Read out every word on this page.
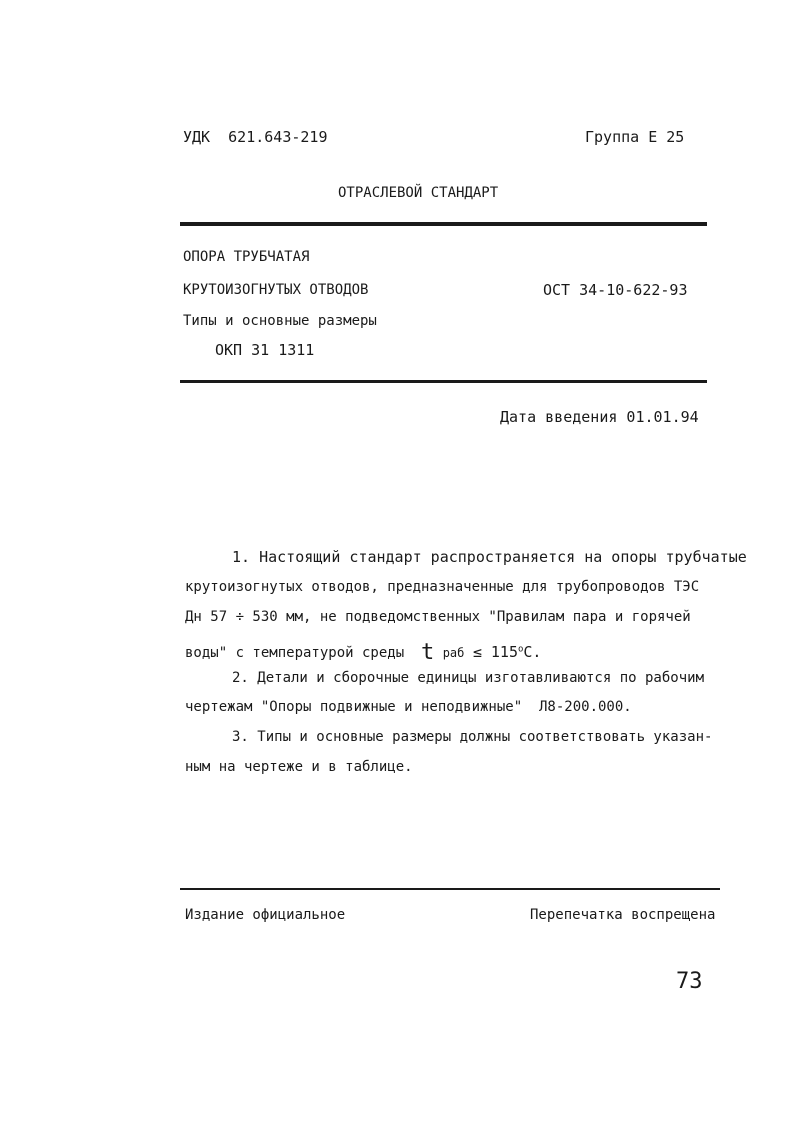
УДК  621.643-219	Группа Е 25
ОТРАСЛЕВОЙ СТАНДАРТ
ОПОРА ТРУБЧАТАЯ
КРУТОИЗОГНУТЫХ ОТВОДОВ
Типы и основные размеры
ОКП 31 1311
ОСТ 34-10-622-93
Дата введения 01.01.94
1. Настоящий стандарт распространяется на опоры трубчатые
крутоизогнутых отводов, предназначенные для трубопроводов ТЭС
Дн 57 ÷ 530 мм, не подведомственных "Правилам пара и горячей
воды" с температурой среды t раб ≤ $115^oC$.
2. Детали и сборочные единицы изготавливаются по рабочим
чертежам "Опоры подвижные и неподвижные"  Л8-200.000.
3. Типы и основные размеры должны соответствовать указан-
ным на чертеже и в таблице.
Издание официальное	Перепечатка воспрещена
73
